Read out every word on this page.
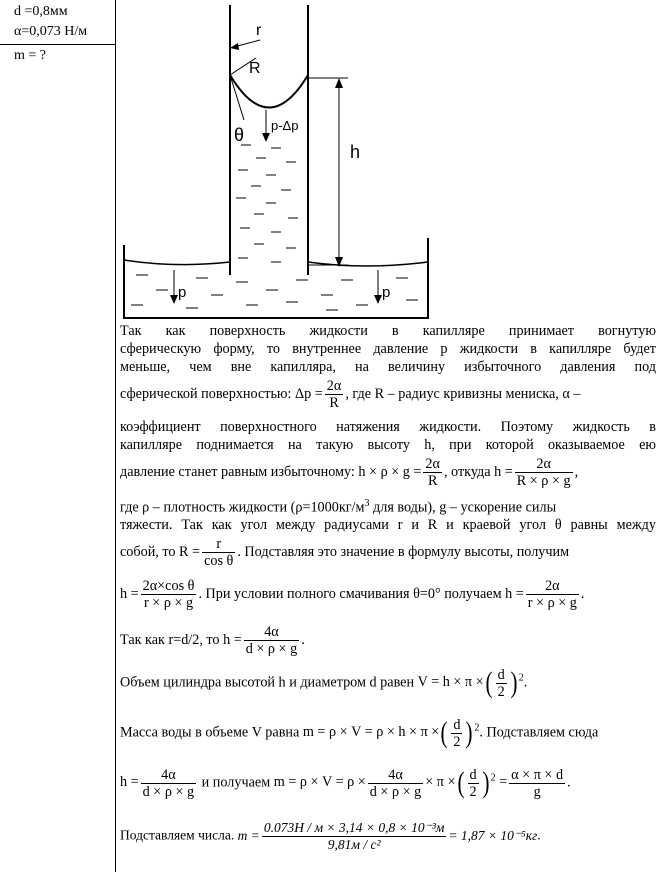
d =0,8мм
α=0,073 Н/м
m = ?
r
R
θ p-Δp
h
p	p
Так как поверхность жидкости в капилляре принимает вогнутую
сферическую форму, то внутреннее давление р жидкости в капилляре будет
меньше, чем вне капилляра, на величину избыточного давления под
сферической поверхностью: $\Delta p = \frac{2\alpha}{R}$ , где R – радиус кривизны мениска, α –
коэффициент поверхностного натяжения жидкости. Поэтому жидкость в
капилляре поднимается на такую высоту h, при которой оказываемое ею
давление станет равным избыточному: $h \times \rho \times g = \frac{2\alpha}{R}$ , откуда $h = \frac{2\alpha}{R \times \rho \times g}$ ,
где ρ – плотность жидкости ($\rho=1000кг/м^3$ для воды), g – ускорение силы
тяжести. Так как угол между радиусами r и R и краевой угол θ равны между
собой, то $R = \frac{r}{\text{cos θ}}$ . Подставляя это значение в формулу высоты, получим
$h = \frac{\text{2α×cos θ}}{r \times \rho \times g}$ . При условии полного смачивания θ=0° получаем $h = \frac{2\alpha}{r \times \rho \times g}$ .
Так как r=d/2, то $h = \frac{4\alpha}{d \times \rho \times g}$ .
Объем цилиндра высотой h и диаметром d равен V = h × π ×( $\frac{d}{2}$ ) $^2$.
Масса воды в объеме V равна m = ρ × V = ρ × h × π ×( $\frac{d}{2}$ ) $^2$. Подставляем сюда
$h = \frac{4\alpha}{d \times \rho \times g}$ и получаем $m = \rho \times V = \rho \times \frac{4\alpha}{d \times \rho \times g} \times \pi$ ×( $\frac{d}{2}$ ) $^2 = \frac{\alpha \times \pi \times d}{g}$ .
Подставляем числа. $m = \frac{\text{0.073Н / м × 3,14 × 0,8 × 10⁻³м}}{\text{9,81м / с²}} = 1,87 \times 10^{-5}кг$.
